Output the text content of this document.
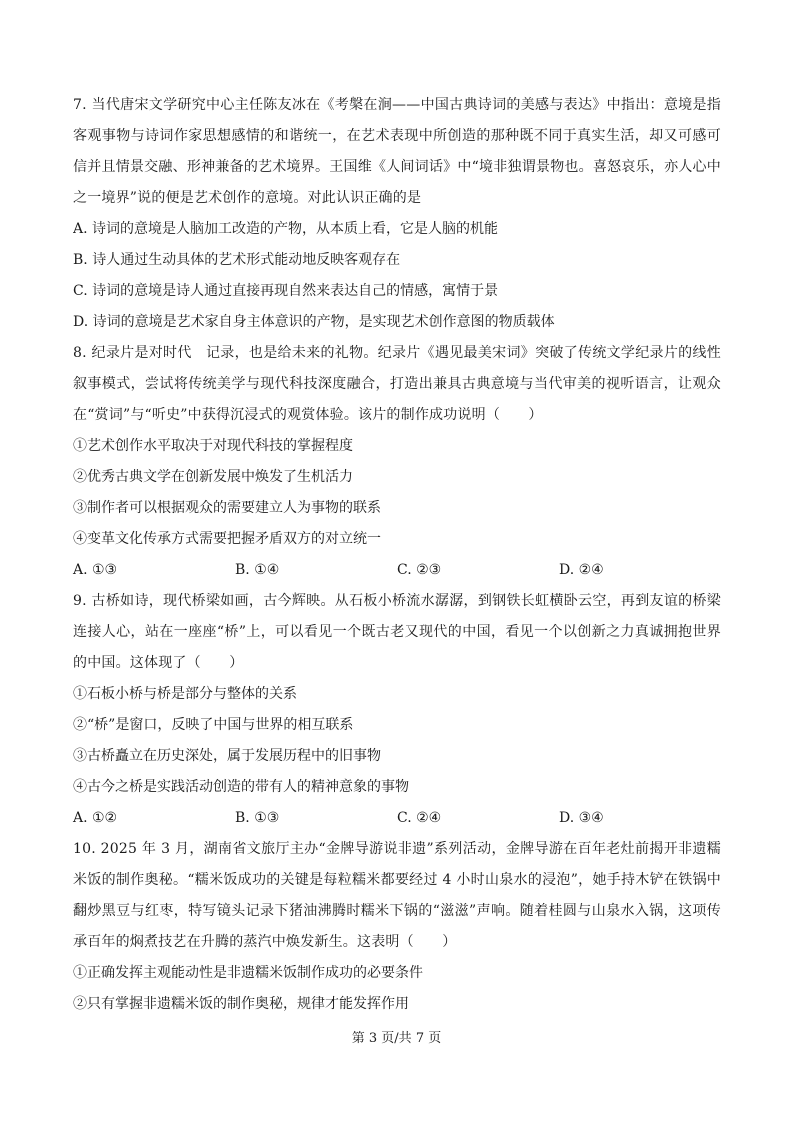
7. 当代唐宋文学研究中心主任陈友冰在《考槃在涧——中国古典诗词的美感与表达》中指出：意境是指客观事物与诗词作家思想感情的和谐统一，在艺术表现中所创造的那种既不同于真实生活，却又可感可信并且情景交融、形神兼备的艺术境界。王国维《人间词话》中“境非独谓景物也。喜怒哀乐，亦人心中之一境界”说的便是艺术创作的意境。对此认识正确的是

A. 诗词的意境是人脑加工改造的产物，从本质上看，它是人脑的机能

B. 诗人通过生动具体的艺术形式能动地反映客观存在

C. 诗词的意境是诗人通过直接再现自然来表达自己的情感，寓情于景

D. 诗词的意境是艺术家自身主体意识的产物，是实现艺术创作意图的物质载体

8. 纪录片是对时代　记录，也是给未来的礼物。纪录片《遇见最美宋词》突破了传统文学纪录片的线性叙事模式，尝试将传统美学与现代科技深度融合，打造出兼具古典意境与当代审美的视听语言，让观众在“赏词”与“听史”中获得沉浸式的观赏体验。该片的制作成功说明（　　）

①艺术创作水平取决于对现代科技的掌握程度

②优秀古典文学在创新发展中焕发了生机活力

③制作者可以根据观众的需要建立人为事物的联系

④变革文化传承方式需要把握矛盾双方的对立统一

A. ①③	B. ①④	C. ②③	D. ②④

9. 古桥如诗，现代桥梁如画，古今辉映。从石板小桥流水潺潺，到钢铁长虹横卧云空，再到友谊的桥梁连接人心，站在一座座“桥”上，可以看见一个既古老又现代的中国，看见一个以创新之力真诚拥抱世界的中国。这体现了（　　）

①石板小桥与桥是部分与整体的关系

②“桥”是窗口，反映了中国与世界的相互联系

③古桥矗立在历史深处，属于发展历程中的旧事物

④古今之桥是实践活动创造的带有人的精神意象的事物

A. ①②	B. ①③	C. ②④	D. ③④

10. 2025 年 3 月，湖南省文旅厅主办“金牌导游说非遗”系列活动，金牌导游在百年老灶前揭开非遗糯米饭的制作奥秘。“糯米饭成功的关键是每粒糯米都要经过 4 小时山泉水的浸泡”，她手持木铲在铁锅中翻炒黑豆与红枣，特写镜头记录下猪油沸腾时糯米下锅的“滋滋”声响。随着桂圆与山泉水入锅，这项传承百年的焖煮技艺在升腾的蒸汽中焕发新生。这表明（　　）

①正确发挥主观能动性是非遗糯米饭制作成功的必要条件

②只有掌握非遗糯米饭的制作奥秘，规律才能发挥作用

第 3 页/共 7 页
